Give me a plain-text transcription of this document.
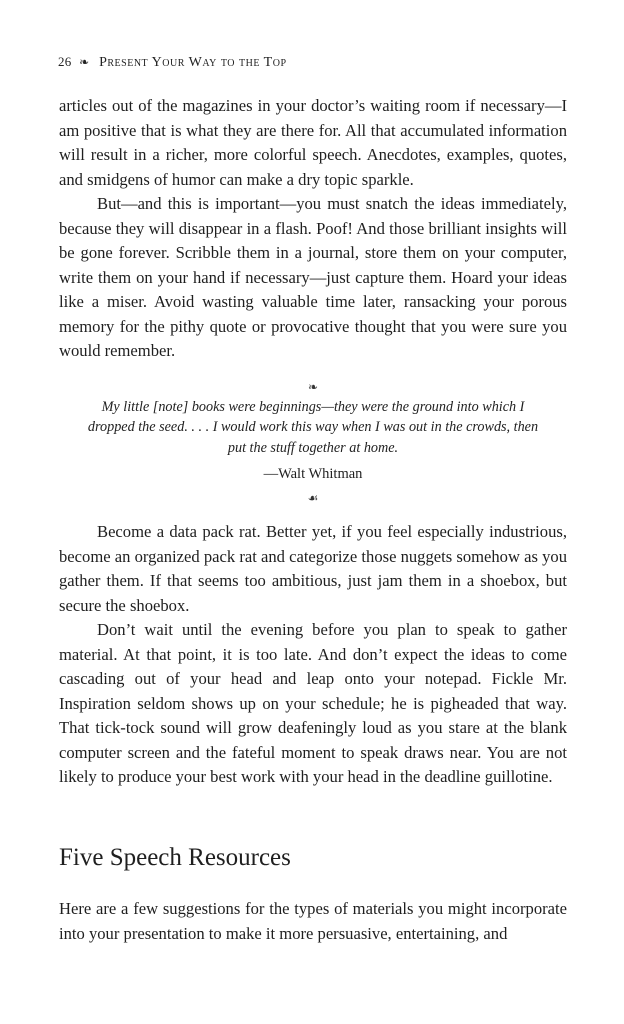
26 ❧ Present Your Way to the Top

articles out of the magazines in your doctor’s waiting room if necessary—I am positive that is what they are there for. All that accumulated information will result in a richer, more colorful speech. Anecdotes, examples, quotes, and smidgens of humor can make a dry topic sparkle.

But—and this is important—you must snatch the ideas immediately, because they will disappear in a flash. Poof! And those brilliant insights will be gone forever. Scribble them in a journal, store them on your computer, write them on your hand if necessary—just capture them. Hoard your ideas like a miser. Avoid wasting valuable time later, ransacking your porous memory for the pithy quote or provocative thought that you were sure you would remember.

❧
My little [note] books were beginnings—they were the ground into which I dropped the seed. . . . I would work this way when I was out in the crowds, then put the stuff together at home.
—Walt Whitman
☙

Become a data pack rat. Better yet, if you feel especially industrious, become an organized pack rat and categorize those nuggets somehow as you gather them. If that seems too ambitious, just jam them in a shoebox, but secure the shoebox.

Don’t wait until the evening before you plan to speak to gather material. At that point, it is too late. And don’t expect the ideas to come cascading out of your head and leap onto your notepad. Fickle Mr. Inspiration seldom shows up on your schedule; he is pigheaded that way. That tick-tock sound will grow deafeningly loud as you stare at the blank computer screen and the fateful moment to speak draws near. You are not likely to produce your best work with your head in the deadline guillotine.

Five Speech Resources

Here are a few suggestions for the types of materials you might incorporate into your presentation to make it more persuasive, entertaining, and
